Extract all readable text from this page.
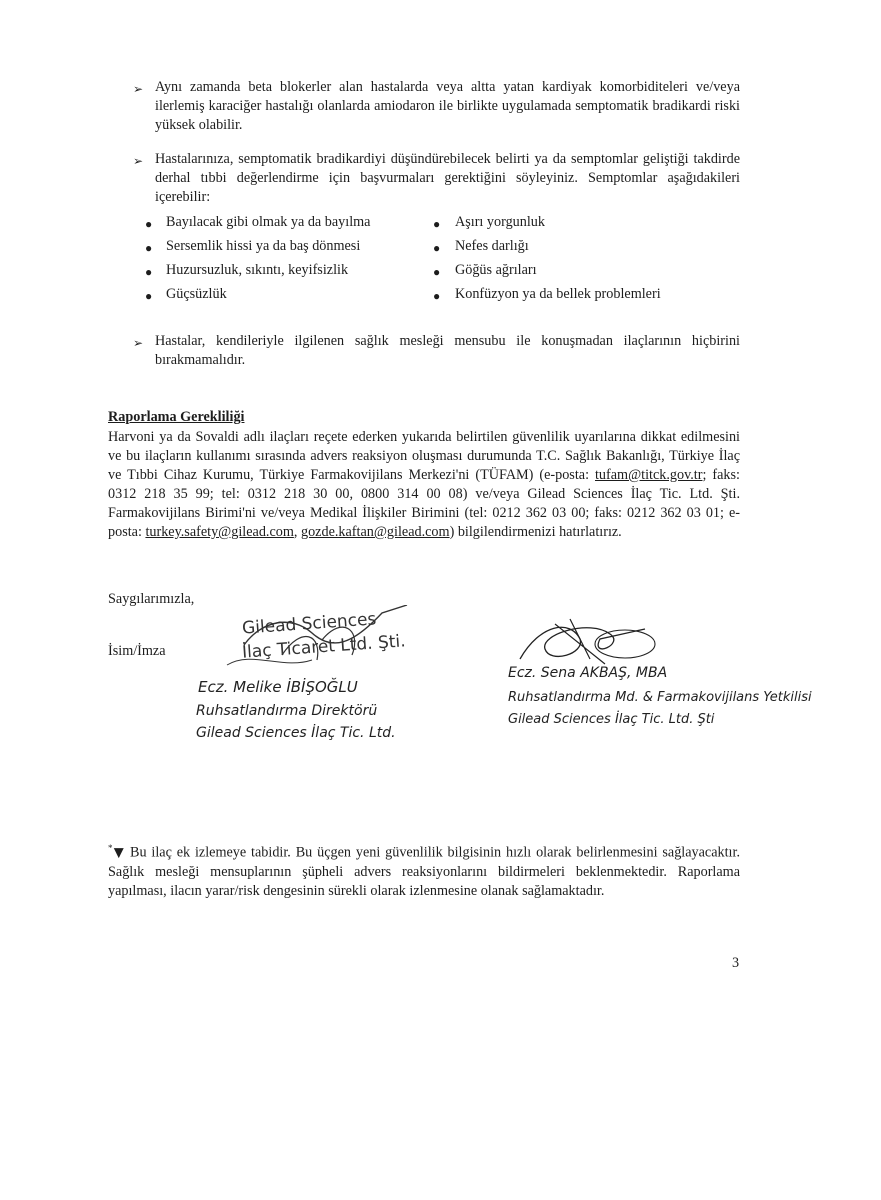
➢ Aynı zamanda beta blokerler alan hastalarda veya altta yatan kardiyak komorbiditeleri ve/veya ilerlemiş karaciğer hastalığı olanlarda amiodaron ile birlikte uygulamada semptomatik bradikardi riski yüksek olabilir.
➢ Hastalarınıza, semptomatik bradikardiyi düşündürebilecek belirti ya da semptomlar geliştiği takdirde derhal tıbbi değerlendirme için başvurmaları gerektiğini söyleyiniz. Semptomlar aşağıdakileri içerebilir:
● Bayılacak gibi olmak ya da bayılma
● Sersemlik hissi ya da baş dönmesi
● Huzursuzluk, sıkıntı, keyifsizlik
● Güçsüzlük
● Aşırı yorgunluk
● Nefes darlığı
● Göğüs ağrıları
● Konfüzyon ya da bellek problemleri
➢ Hastalar, kendileriyle ilgilenen sağlık mesleği mensubu ile konuşmadan ilaçlarının hiçbirini bırakmamalıdır.
Raporlama Gerekliliği
Harvoni ya da Sovaldi adlı ilaçları reçete ederken yukarıda belirtilen güvenlilik uyarılarına dikkat edilmesini ve bu ilaçların kullanımı sırasında advers reaksiyon oluşması durumunda T.C. Sağlık Bakanlığı, Türkiye İlaç ve Tıbbi Cihaz Kurumu, Türkiye Farmakovijilans Merkezi'ni (TÜFAM) (e-posta: tufam@titck.gov.tr; faks: 0312 218 35 99; tel: 0312 218 30 00, 0800 314 00 08) ve/veya Gilead Sciences İlaç Tic. Ltd. Şti. Farmakovijilans Birimi'ni ve/veya Medikal İlişkiler Birimini (tel: 0212 362 03 00; faks: 0212 362 03 01; e-posta: turkey.safety@gilead.com, gozde.kaftan@gilead.com) bilgilendirmenizi hatırlatırız.
Saygılarımızla,
İsim/İmza
Gilead Sciences
İlaç Ticaret Ltd. Şti.
Ecz. Melike İBİŞOĞLU
Ruhsatlandırma Direktörü
Gilead Sciences İlaç Tic. Ltd.
Ecz. Sena AKBAŞ, MBA
Ruhsatlandırma Md. & Farmakovijilans Yetkilisi
Gilead Sciences İlaç Tic. Ltd. Şti
*▼ Bu ilaç ek izlemeye tabidir. Bu üçgen yeni güvenlilik bilgisinin hızlı olarak belirlenmesini sağlayacaktır. Sağlık mesleği mensuplarının şüpheli advers reaksiyonlarını bildirmeleri beklenmektedir. Raporlama yapılması, ilacın yarar/risk dengesinin sürekli olarak izlenmesine olanak sağlamaktadır.
3
